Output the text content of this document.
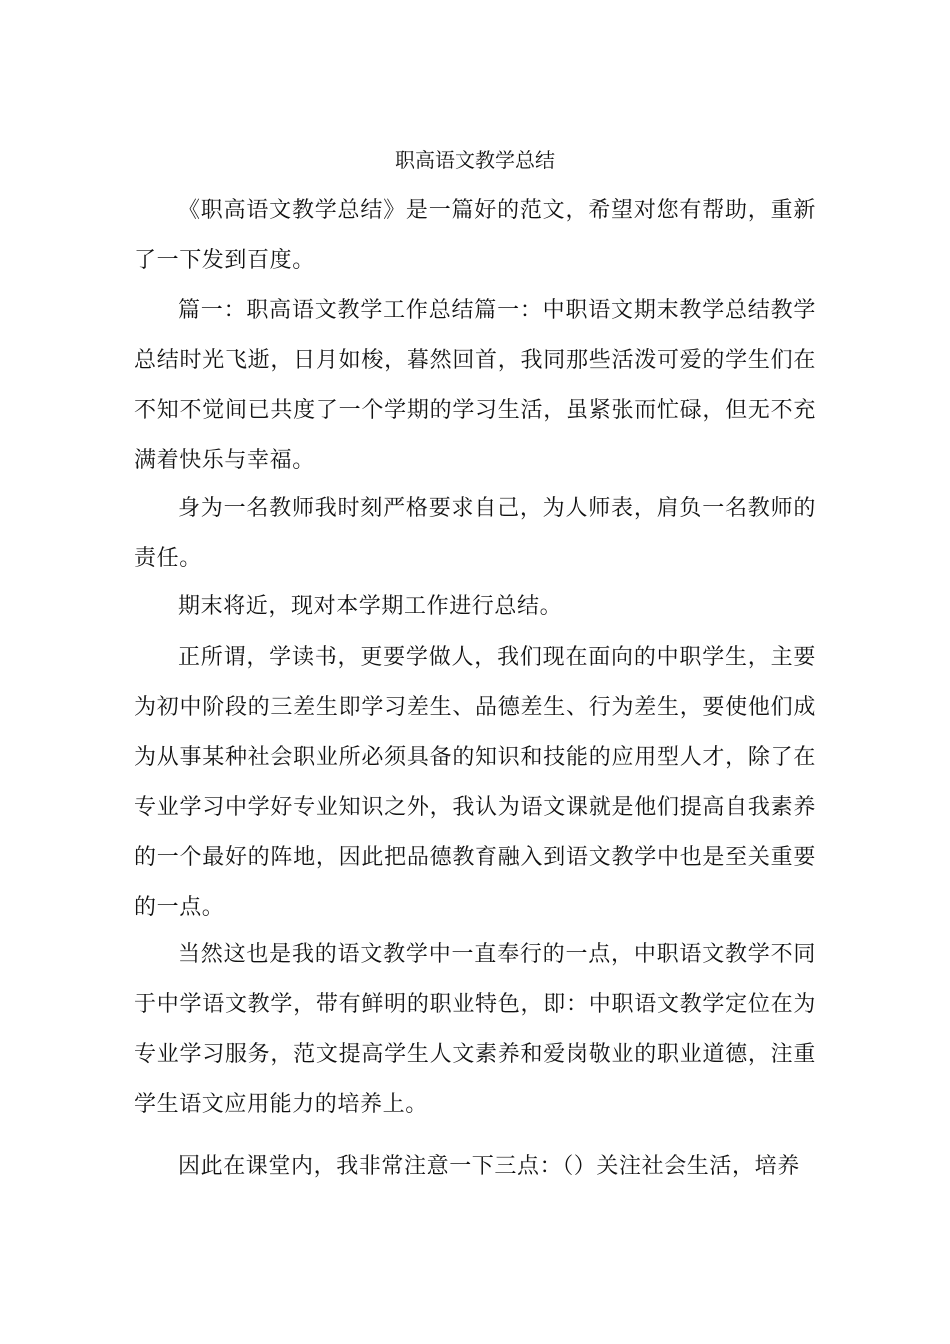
职高语文教学总结

《职高语文教学总结》是一篇好的范文，希望对您有帮助，重新了一下发到百度。

篇一：职高语文教学工作总结篇一：中职语文期末教学总结教学总结时光飞逝，日月如梭，暮然回首，我同那些活泼可爱的学生们在不知不觉间已共度了一个学期的学习生活，虽紧张而忙碌，但无不充满着快乐与幸福。

身为一名教师我时刻严格要求自己，为人师表，肩负一名教师的责任。

期末将近，现对本学期工作进行总结。

正所谓，学读书，更要学做人，我们现在面向的中职学生，主要为初中阶段的三差生即学习差生、品德差生、行为差生，要使他们成为从事某种社会职业所必须具备的知识和技能的应用型人才，除了在专业学习中学好专业知识之外，我认为语文课就是他们提高自我素养的一个最好的阵地，因此把品德教育融入到语文教学中也是至关重要的一点。

当然这也是我的语文教学中一直奉行的一点，中职语文教学不同于中学语文教学，带有鲜明的职业特色，即：中职语文教学定位在为专业学习服务，范文提高学生人文素养和爱岗敬业的职业道德，注重学生语文应用能力的培养上。

因此在课堂内，我非常注意一下三点：（）关注社会生活，培养
